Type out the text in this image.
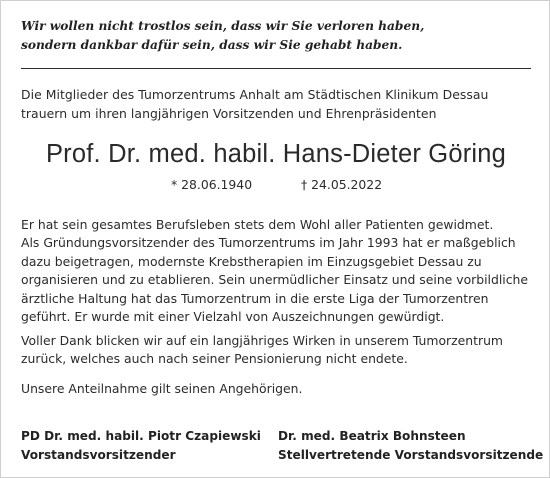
Wir wollen nicht trostlos sein, dass wir Sie verloren haben,
sondern dankbar dafür sein, dass wir Sie gehabt haben.
Die Mitglieder des Tumorzentrums Anhalt am Städtischen Klinikum Dessau
trauern um ihren langjährigen Vorsitzenden und Ehrenpräsidenten
Prof. Dr. med. habil. Hans-Dieter Göring
* 28.06.1940	† 24.05.2022
Er hat sein gesamtes Berufsleben stets dem Wohl aller Patienten gewidmet.
Als Gründungsvorsitzender des Tumorzentrums im Jahr 1993 hat er maßgeblich
dazu beigetragen, modernste Krebstherapien im Einzugsgebiet Dessau zu
organisieren und zu etablieren. Sein unermüdlicher Einsatz und seine vorbildliche
ärztliche Haltung hat das Tumorzentrum in die erste Liga der Tumorzentren
geführt. Er wurde mit einer Vielzahl von Auszeichnungen gewürdigt.
Voller Dank blicken wir auf ein langjähriges Wirken in unserem Tumorzentrum
zurück, welches auch nach seiner Pensionierung nicht endete.
Unsere Anteilnahme gilt seinen Angehörigen.
PD Dr. med. habil. Piotr Czapiewski
Vorstandsvorsitzender
Dr. med. Beatrix Bohnsteen
Stellvertretende Vorstandsvorsitzende
